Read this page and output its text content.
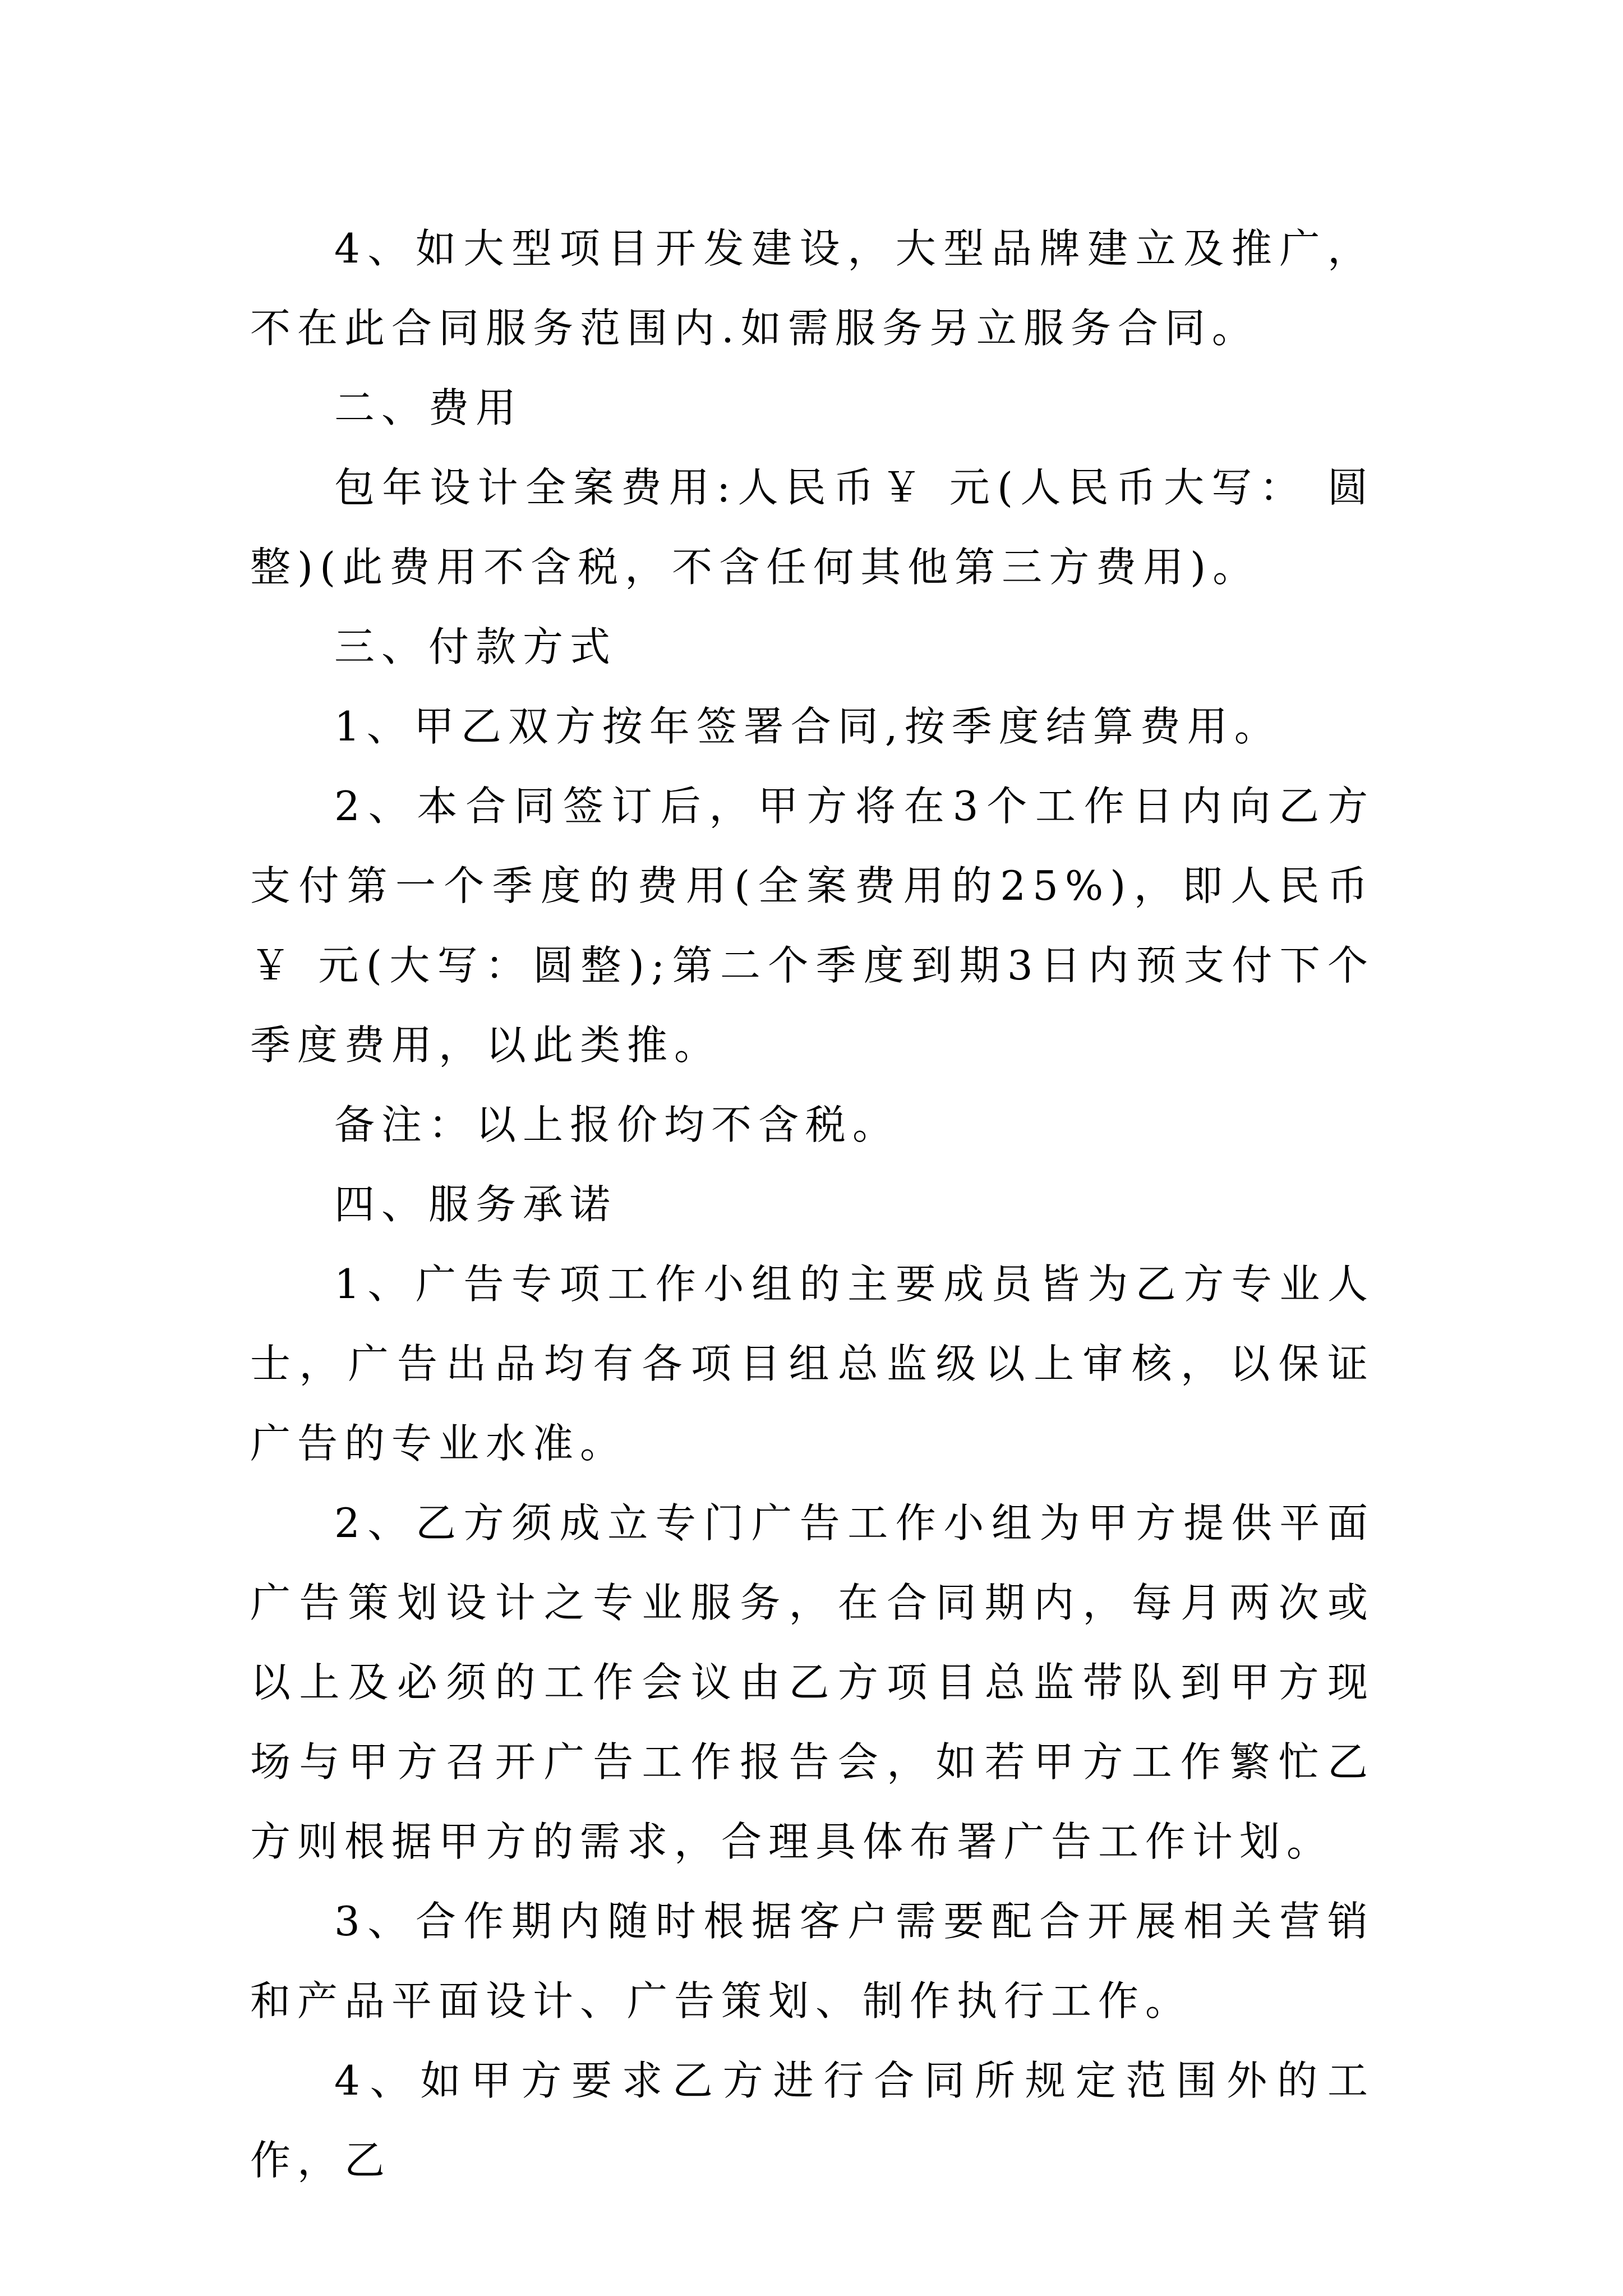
4、如大型项目开发建设，大型品牌建立及推广，不在此合同服务范围内.如需服务另立服务合同。

二、费用

包年设计全案费用:人民币￥ 元(人民币大写： 圆整)(此费用不含税，不含任何其他第三方费用)。

三、付款方式

1、甲乙双方按年签署合同,按季度结算费用。

2、本合同签订后，甲方将在3个工作日内向乙方支付第一个季度的费用(全案费用的25%)，即人民币￥ 元(大写：圆整);第二个季度到期3日内预支付下个季度费用，以此类推。

备注：以上报价均不含税。

四、服务承诺

1、广告专项工作小组的主要成员皆为乙方专业人士，广告出品均有各项目组总监级以上审核，以保证广告的专业水准。

2、乙方须成立专门广告工作小组为甲方提供平面广告策划设计之专业服务，在合同期内，每月两次或以上及必须的工作会议由乙方项目总监带队到甲方现场与甲方召开广告工作报告会，如若甲方工作繁忙乙方则根据甲方的需求，合理具体布署广告工作计划。

3、合作期内随时根据客户需要配合开展相关营销和产品平面设计、广告策划、制作执行工作。

4、如甲方要求乙方进行合同所规定范围外的工作，乙
